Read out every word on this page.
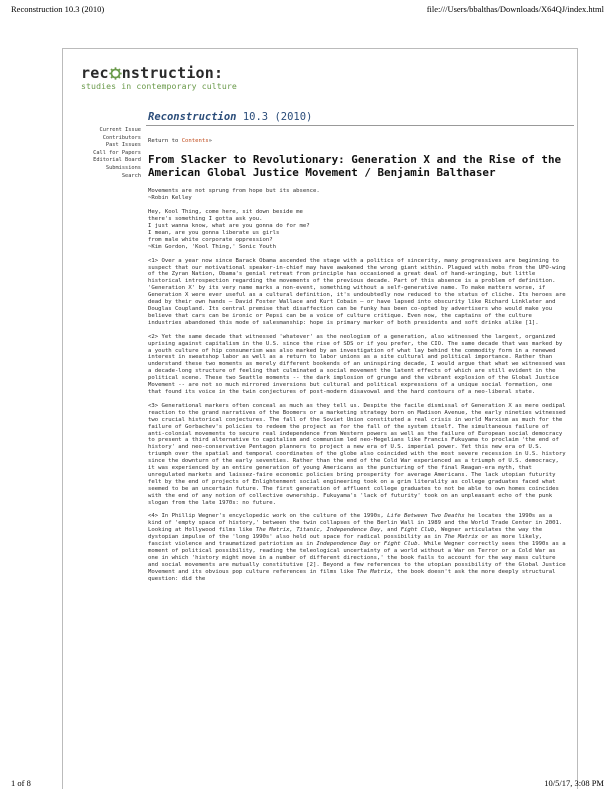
Reconstruction 10.3 (2010)	file:///Users/bbalthas/Downloads/X64QJ/index.html
rec nstruction:
studies in contemporary culture
Reconstruction 10.3 (2010)
Current Issue
Contributors
Past Issues
Call for Papers
Editorial Board
Submissions
Search
Return to Contents»
From Slacker to Revolutionary: Generation X and the Rise of the American Global Justice Movement / Benjamin Balthaser
Movements are not sprung from hope but its absence.
~Robin Kelley
Hey, Kool Thing, come here, sit down beside me
there's something I gotta ask you.
I just wanna know, what are you gonna do for me?
I mean, are you gonna liberate us girls
from male white corporate oppression?
~Kim Gordon, 'Kool Thing,' Sonic Youth

<1> Over a year now since Barack Obama ascended the stage with a politics of sincerity, many progressives are beginning to suspect that our motivational speaker-in-chief may have awakened the wrong giant within. Plagued with mobs from the UFO-wing of the Zyran Nation, Obama's genial retreat from principle has occasioned a great deal of hand-wringing, but little historical introspection regarding the movements of the previous decade. Part of this absence is a problem of definition. 'Generation X' by its very name marks a non-event, something without a self-generative name. To make matters worse, if Generation X were ever useful as a cultural definition, it's undoubtedly now reduced to the status of cliche. Its heroes are dead by their own hands – David Foster Wallace and Kurt Cobain – or have lapsed into obscurity like Richard Linklater and Douglas Coupland. Its central premise that disaffection can be funky has been co-opted by advertisers who would make you believe that cars can be ironic or Pepsi can be a voice of culture critique. Even now, the captains of the culture industries abandoned this mode of salesmanship: hope is primary marker of both presidents and soft drinks alike [1].

<2> Yet the same decade that witnessed 'whatever' as the neologism of a generation, also witnessed the largest, organized uprising against capitalism in the U.S. since the rise of SDS or if you prefer, the CIO. The same decade that was marked by a youth culture of hip consumerism was also marked by an investigation of what lay behind the commodity form in a renewed interest in sweatshop labor as well as a return to labor unions as a site cultural and political importance. Rather than understand these two moments as merely different bookends of an uninspiring decade, I would argue that what we witnessed was a decade-long structure of feeling that culminated a social movement the latent effects of which are still evident in the political scene. These two Seattle moments -- the dark implosion of grunge and the vibrant explosion of the Global Justice Movement -- are not so much mirrored inversions but cultural and political expressions of a unique social formation, one that found its voice in the twin conjectures of post-modern disavowal and the hard contours of a neo-liberal state.

<3> Generational markers often conceal as much as they tell us. Despite the facile dismissal of Generation X as mere oedipal reaction to the grand narratives of the Boomers or a marketing strategy born on Madison Avenue, the early nineties witnessed two crucial historical conjectures. The fall of the Soviet Union constituted a real crisis in world Marxism as much for the failure of Gorbachev's policies to redeem the project as for the fall of the system itself. The simultaneous failure of anti-colonial movements to secure real independence from Western powers as well as the failure of European social democracy to present a third alternative to capitalism and communism led neo-Hegelians like Francis Fukuyama to proclaim 'the end of history' and neo-conservative Pentagon planners to project a new era of U.S. imperial power. Yet this new era of U.S. triumph over the spatial and temporal coordinates of the globe also coincided with the most severe recession in U.S. history since the downturn of the early seventies. Rather than the end of the Cold War experienced as a triumph of U.S. democracy, it was experienced by an entire generation of young Americans as the puncturing of the final Reagan-era myth, that unregulated markets and laissez-faire economic policies bring prosperity for average Americans. The lack utopian futurity felt by the end of projects of Enlightenment social engineering took on a grim literality as college graduates faced what seemed to be an uncertain future. The first generation of affluent college graduates to not be able to own homes coincides with the end of any notion of collective ownership. Fukuyama's 'lack of futurity' took on an unpleasant echo of the punk slogan from the late 1970s: no future.

<4> In Phillip Wegner's encyclopedic work on the culture of the 1990s, Life Between Two Deaths he locates the 1990s as a kind of 'empty space of history,' between the twin collapses of the Berlin Wall in 1989 and the World Trade Center in 2001. Looking at Hollywood films like The Matrix, Titanic, Independence Day, and Fight Club, Wegner articulates the way the dystopian impulse of the 'long 1990s' also held out space for radical possibility as in The Matrix or as more likely, fascist violence and traumatized patriotism as in Independence Day or Fight Club. While Wegner correctly sees the 1990s as a moment of political possibility, reading the teleological uncertainty of a world without a War on Terror or a Cold War as one in which 'history might move in a number of different directions,' the book fails to account for the way mass culture and social movements are mutually constitutive [2]. Beyond a few references to the utopian possibility of the Global Justice Movement and its obvious pop culture references in films like The Matrix, the book doesn't ask the more deeply structural question: did the

1 of 8	10/5/17, 3:08 PM
